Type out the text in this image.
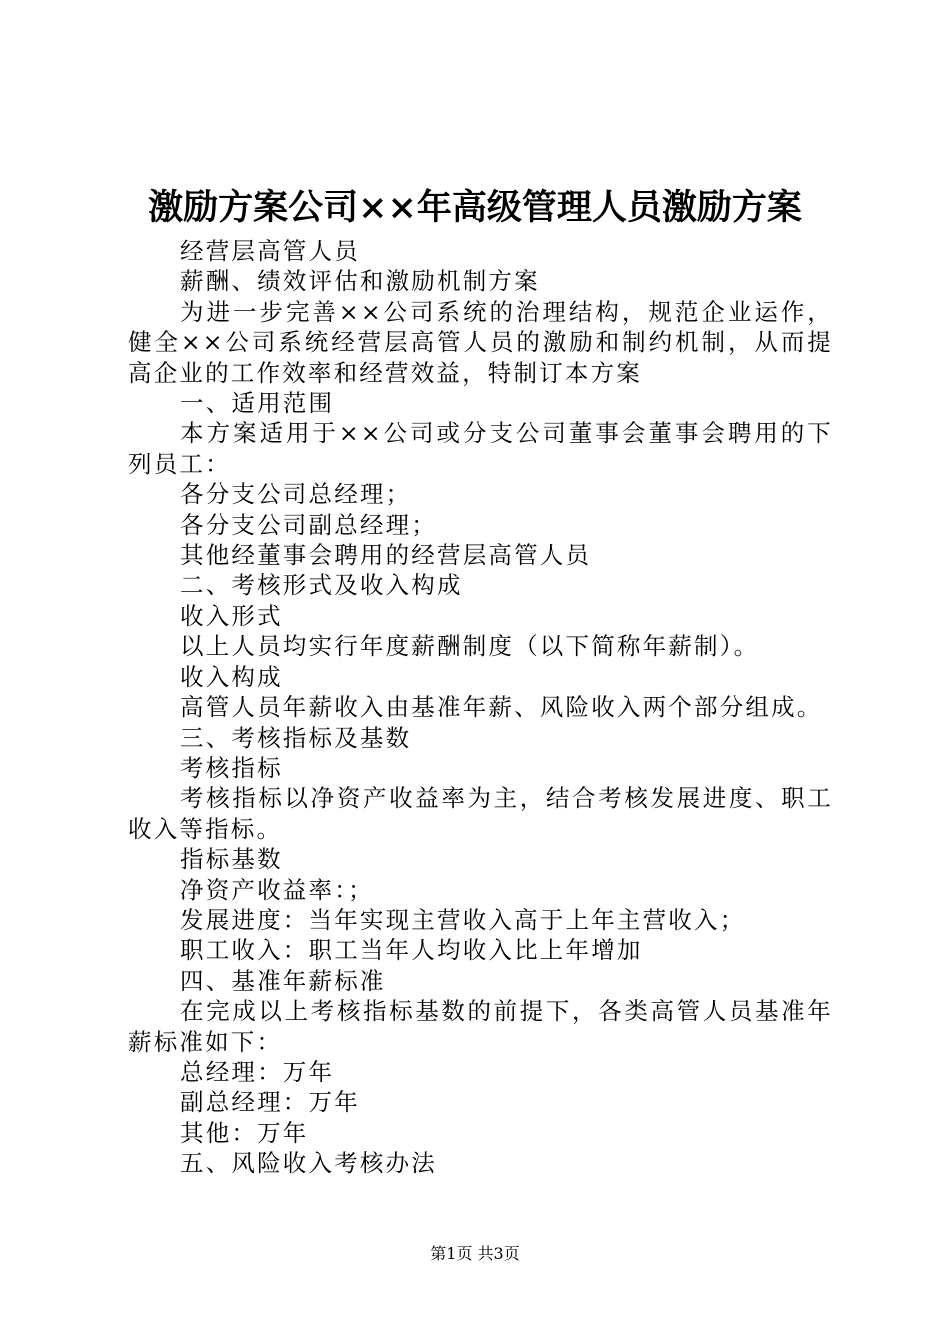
激励方案公司××年高级管理人员激励方案

经营层高管人员

薪酬、绩效评估和激励机制方案

为进一步完善××公司系统的治理结构，规范企业运作，健全××公司系统经营层高管人员的激励和制约机制，从而提高企业的工作效率和经营效益，特制订本方案

一、适用范围

本方案适用于××公司或分支公司董事会董事会聘用的下列员工：

各分支公司总经理；

各分支公司副总经理；

其他经董事会聘用的经营层高管人员

二、考核形式及收入构成

收入形式

以上人员均实行年度薪酬制度（以下简称年薪制）。

收入构成

高管人员年薪收入由基准年薪、风险收入两个部分组成。

三、考核指标及基数

考核指标

考核指标以净资产收益率为主，结合考核发展进度、职工收入等指标。

指标基数

净资产收益率：；

发展进度：当年实现主营收入高于上年主营收入；

职工收入：职工当年人均收入比上年增加

四、基准年薪标准

在完成以上考核指标基数的前提下，各类高管人员基准年薪标准如下：

总经理：万年

副总经理：万年

其他：万年

五、风险收入考核办法

第1页 共3页
